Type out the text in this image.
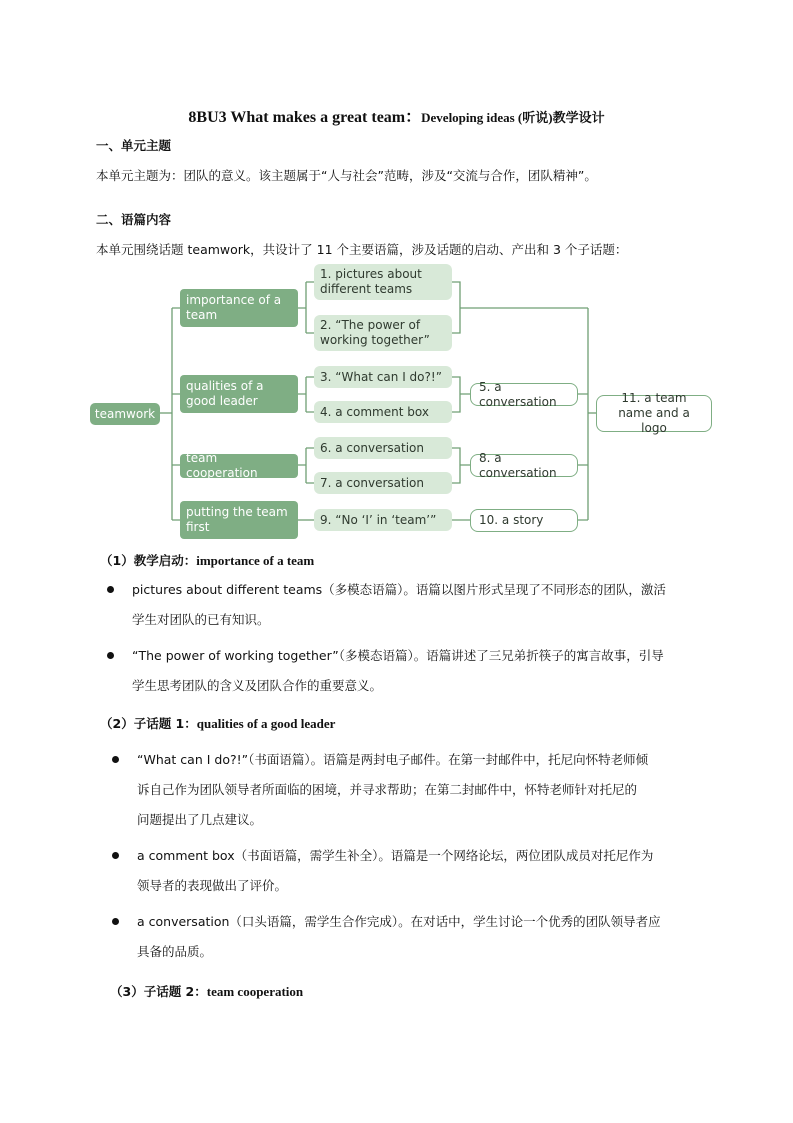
8BU3 What makes a great team：Developing ideas (听说)教学设计
一、单元主题
本单元主题为：团队的意义。该主题属于“人与社会”范畴，涉及“交流与合作，团队精神”。
二、语篇内容
本单元围绕话题 teamwork，共设计了 11 个主要语篇，涉及话题的启动、产出和 3 个子话题：
teamwork
importance of a team
qualities of a good leader
team cooperation
putting the team first
1. pictures about different teams
2. “The power of working together”
3. “What can I do?!”
4. a comment box
6. a conversation
7. a conversation
9. “No ‘I’ in ‘team’”
5. a conversation
8. a conversation
10. a story
11. a team name and a logo
（1）教学启动：importance of a team
pictures about different teams（多模态语篇）。语篇以图片形式呈现了不同形态的团队，激活
学生对团队的已有知识。
“The power of working together”（多模态语篇）。语篇讲述了三兄弟折筷子的寓言故事，引导
学生思考团队的含义及团队合作的重要意义。
（2）子话题 1：qualities of a good leader
“What can I do?!”（书面语篇）。语篇是两封电子邮件。在第一封邮件中，托尼向怀特老师倾
诉自己作为团队领导者所面临的困境，并寻求帮助；在第二封邮件中，怀特老师针对托尼的
问题提出了几点建议。
a comment box（书面语篇，需学生补全）。语篇是一个网络论坛，两位团队成员对托尼作为
领导者的表现做出了评价。
a conversation（口头语篇，需学生合作完成）。在对话中，学生讨论一个优秀的团队领导者应
具备的品质。
（3）子话题 2：team cooperation
